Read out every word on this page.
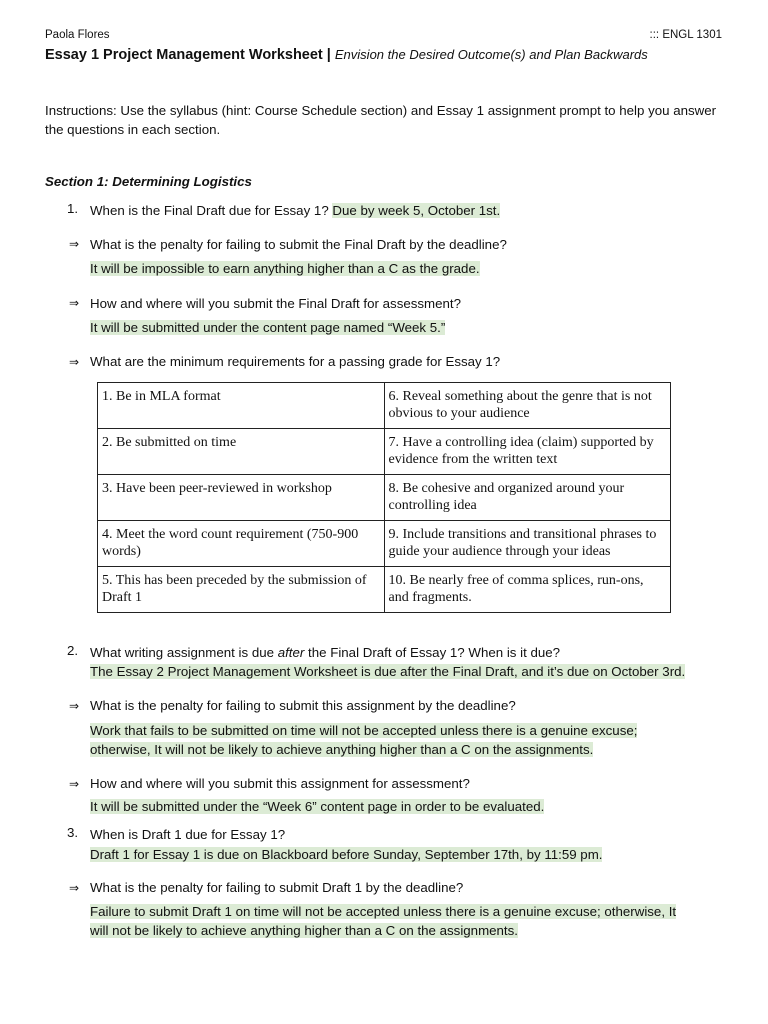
Paola Flores	::: ENGL 1301
Essay 1 Project Management Worksheet | Envision the Desired Outcome(s) and Plan Backwards
Instructions: Use the syllabus (hint: Course Schedule section) and Essay 1 assignment prompt to help you answer the questions in each section.
Section 1: Determining Logistics
1. When is the Final Draft due for Essay 1? Due by week 5, October 1st.
⇒ What is the penalty for failing to submit the Final Draft by the deadline?
It will be impossible to earn anything higher than a C as the grade.
⇒ How and where will you submit the Final Draft for assessment?
It will be submitted under the content page named “Week 5.”
⇒ What are the minimum requirements for a passing grade for Essay 1?
1. Be in MLA format	6. Reveal something about the genre that is not obvious to your audience
2. Be submitted on time	7. Have a controlling idea (claim) supported by evidence from the written text
3. Have been peer-reviewed in workshop	8. Be cohesive and organized around your controlling idea
4. Meet the word count requirement (750-900 words)	9. Include transitions and transitional phrases to guide your audience through your ideas
5. This has been preceded by the submission of Draft 1	10. Be nearly free of comma splices, run-ons, and fragments.
2. What writing assignment is due after the Final Draft of Essay 1? When is it due?
The Essay 2 Project Management Worksheet is due after the Final Draft, and it’s due on October 3rd.
⇒ What is the penalty for failing to submit this assignment by the deadline?
Work that fails to be submitted on time will not be accepted unless there is a genuine excuse;
otherwise, It will not be likely to achieve anything higher than a C on the assignments.
⇒ How and where will you submit this assignment for assessment?
It will be submitted under the “Week 6” content page in order to be evaluated.
3. When is Draft 1 due for Essay 1?
Draft 1 for Essay 1 is due on Blackboard before Sunday, September 17th, by 11:59 pm.
⇒ What is the penalty for failing to submit Draft 1 by the deadline?
Failure to submit Draft 1 on time will not be accepted unless there is a genuine excuse; otherwise, It
will not be likely to achieve anything higher than a C on the assignments.
